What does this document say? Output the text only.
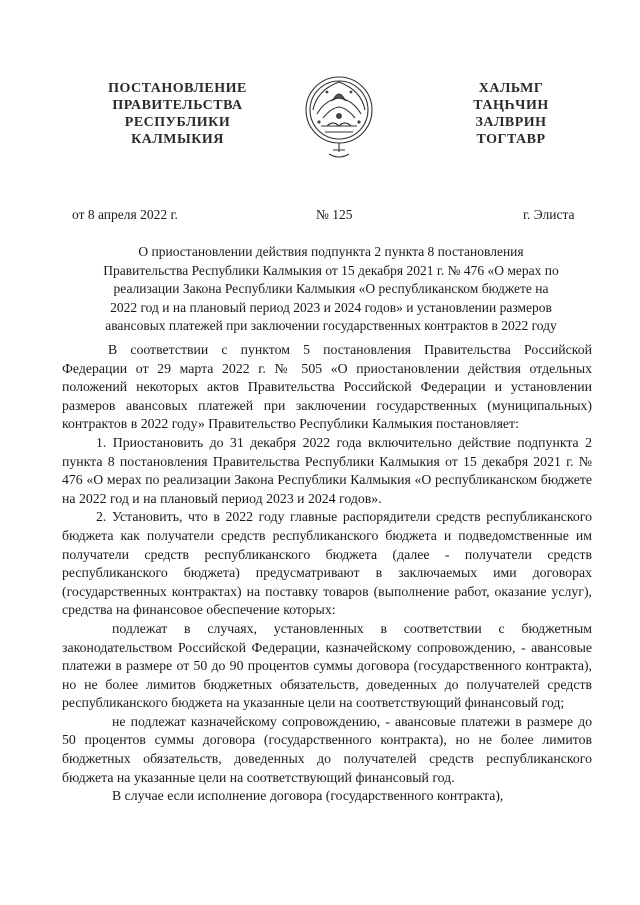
ПОСТАНОВЛЕНИЕ
ПРАВИТЕЛЬСТВА
РЕСПУБЛИКИ
КАЛМЫКИЯ
ХАЛЬМГ
ТАҢҺЧИН
ЗАЛВРИН
ТОГТАВР
от 8 апреля 2022 г.	№ 125	г. Элиста
О приостановлении действия подпункта 2 пункта 8 постановления
Правительства Республики Калмыкия от 15 декабря 2021 г. № 476 «О мерах по
реализации Закона Республики Калмыкия «О республиканском бюджете на
2022 год и на плановый период 2023 и 2024 годов» и установлении размеров
авансовых платежей при заключении государственных контрактов в 2022 году

В соответствии с пунктом 5 постановления Правительства Российской Федерации от 29 марта 2022 г. № 505 «О приостановлении действия отдельных положений некоторых актов Правительства Российской Федерации и установлении размеров авансовых платежей при заключении государственных (муниципальных) контрактов в 2022 году» Правительство Республики Калмыкия постановляет:

1. Приостановить до 31 декабря 2022 года включительно действие подпункта 2 пункта 8 постановления Правительства Республики Калмыкия от 15 декабря 2021 г. № 476 «О мерах по реализации Закона Республики Калмыкия «О республиканском бюджете на 2022 год и на плановый период 2023 и 2024 годов».

2. Установить, что в 2022 году главные распорядители средств республиканского бюджета как получатели средств республиканского бюджета и подведомственные им получатели средств республиканского бюджета (далее - получатели средств республиканского бюджета) предусматривают в заключаемых ими договорах (государственных контрактах) на поставку товаров (выполнение работ, оказание услуг), средства на финансовое обеспечение которых:

подлежат в случаях, установленных в соответствии с бюджетным законодательством Российской Федерации, казначейскому сопровождению, - авансовые платежи в размере от 50 до 90 процентов суммы договора (государственного контракта), но не более лимитов бюджетных обязательств, доведенных до получателей средств республиканского бюджета на указанные цели на соответствующий финансовый год;

не подлежат казначейскому сопровождению, - авансовые платежи в размере до 50 процентов суммы договора (государственного контракта), но не более лимитов бюджетных обязательств, доведенных до получателей средств республиканского бюджета на указанные цели на соответствующий финансовый год.

В случае если исполнение договора (государственного контракта),
